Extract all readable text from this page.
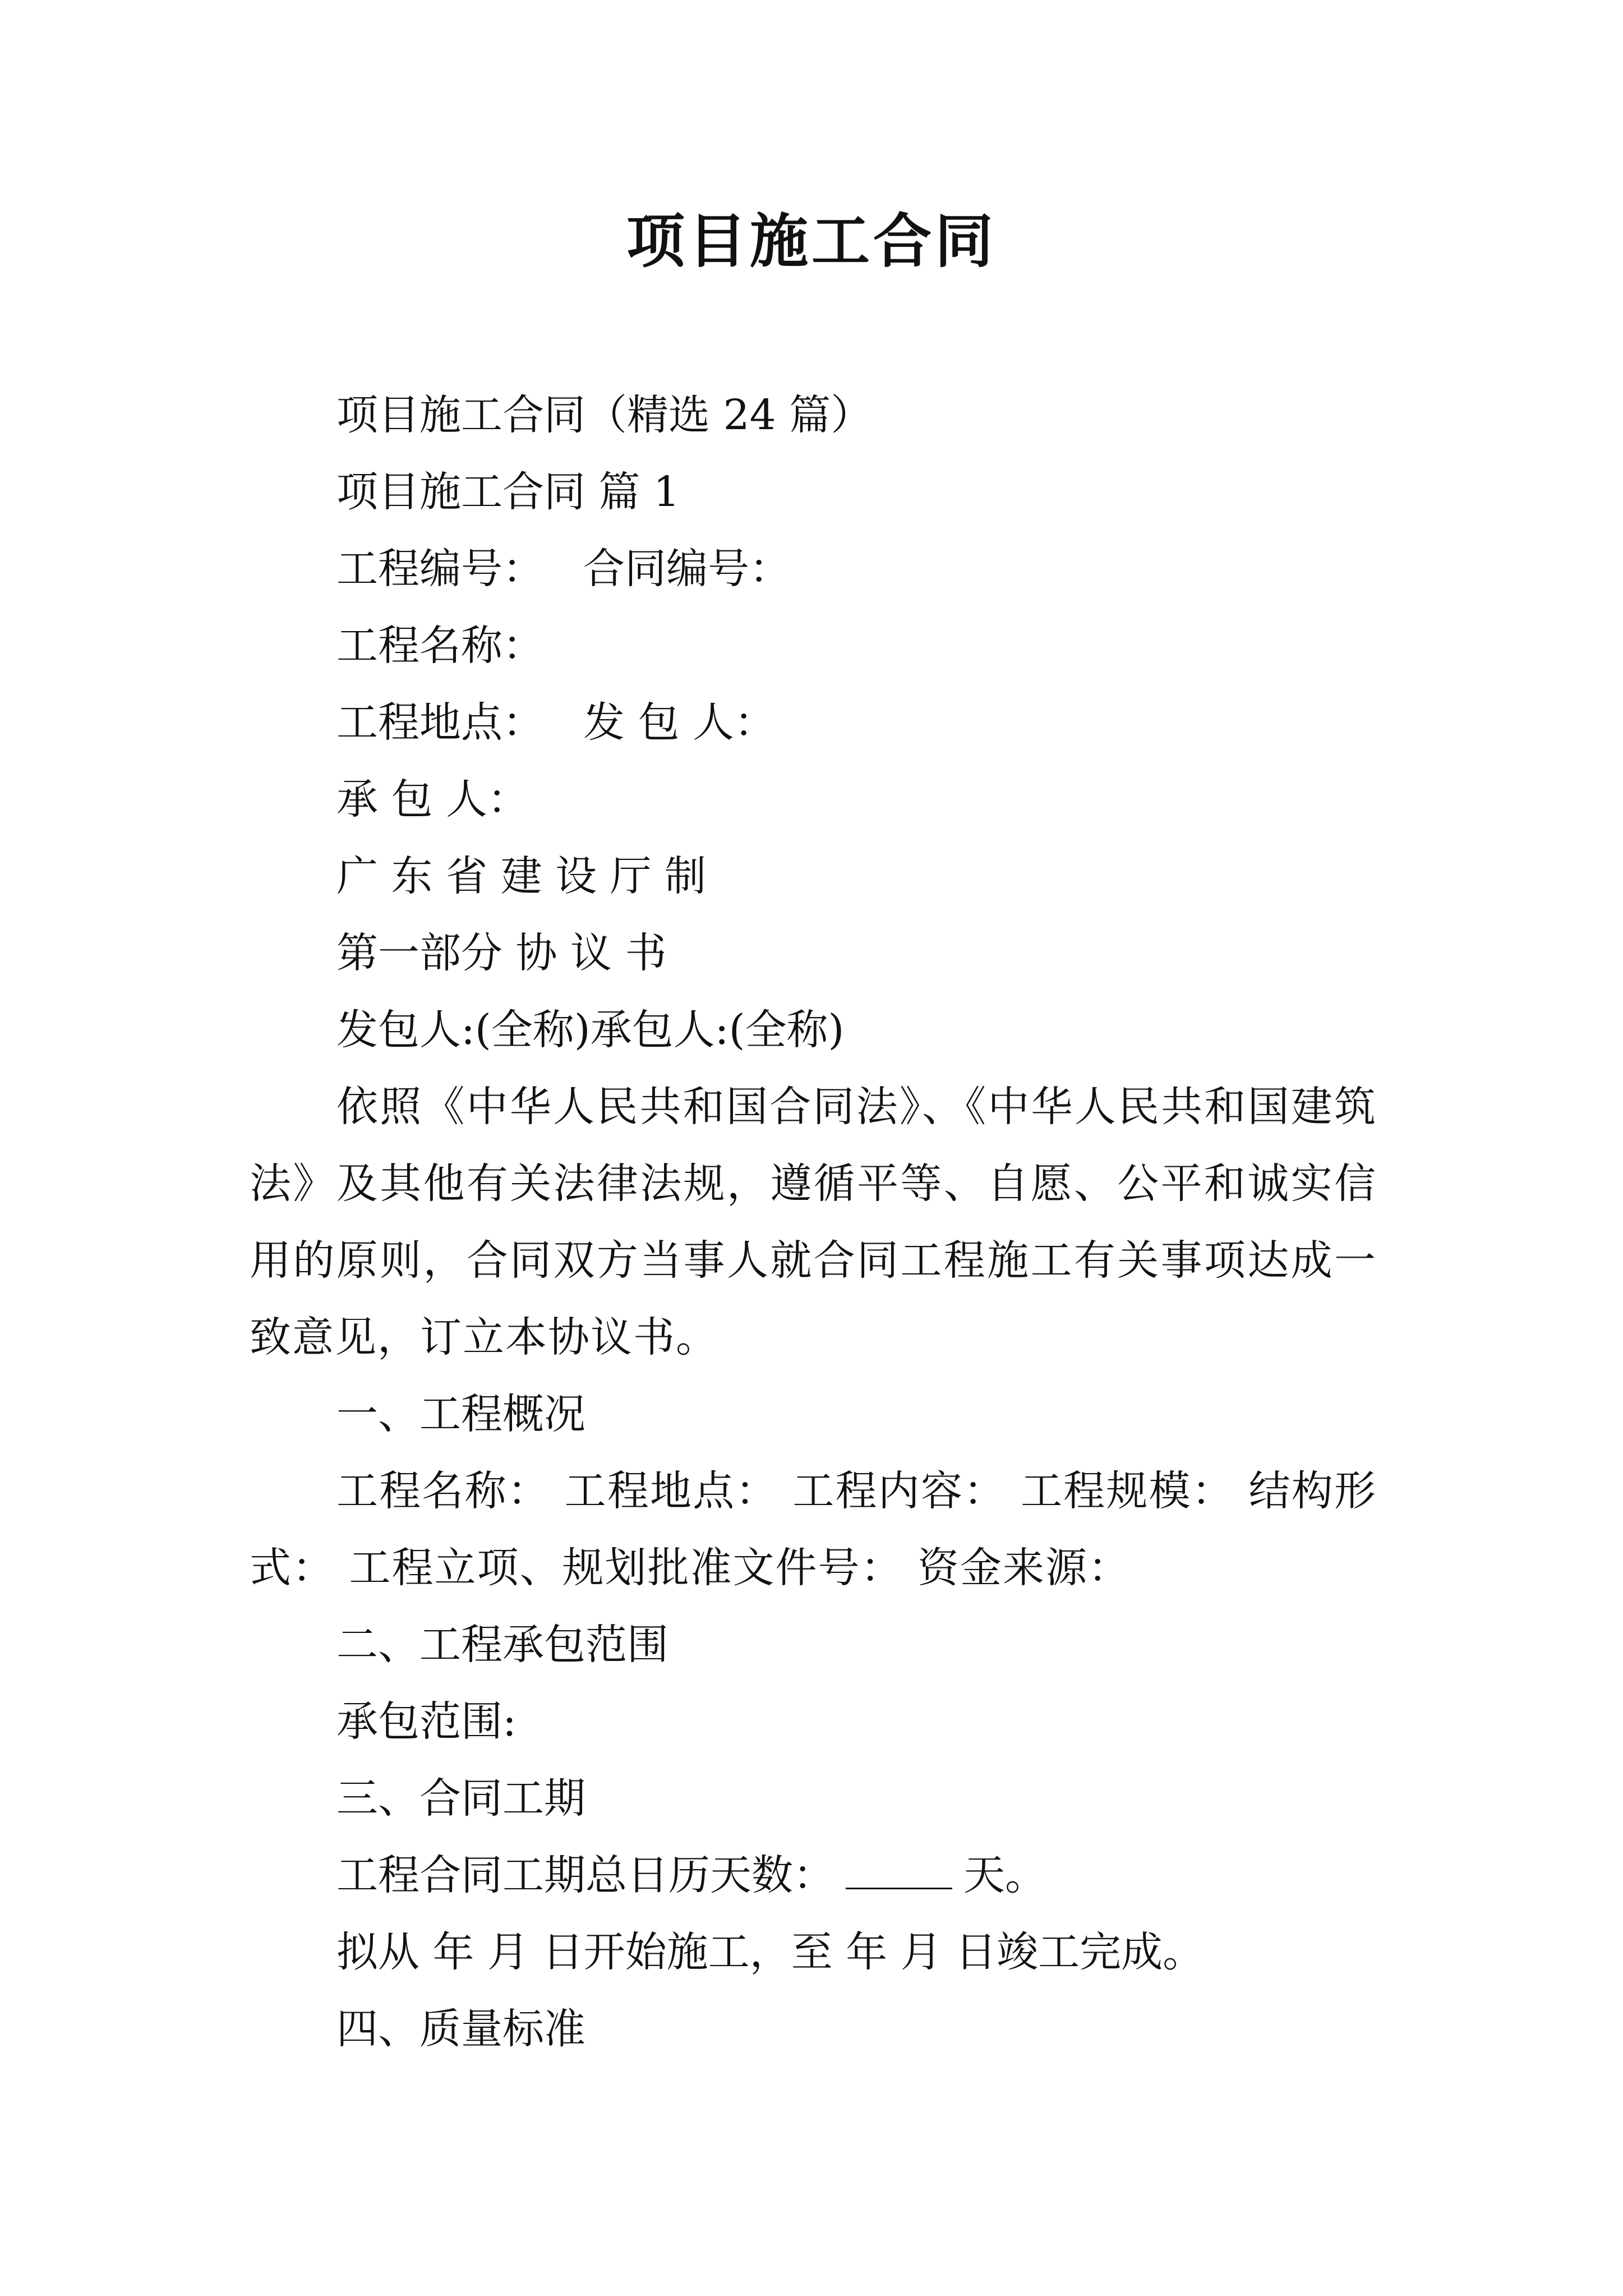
项目施工合同
项目施工合同（精选 24 篇）
项目施工合同 篇 1
工程编号： 合同编号：
工程名称：
工程地点： 发 包 人：
承 包 人：
广 东 省 建 设 厅 制
第一部分 协 议 书
发包人:(全称)承包人:(全称)
依照《中华人民共和国合同法》、《中华人民共和国建筑法》及其他有关法律法规，遵循平等、自愿、公平和诚实信用的原则，合同双方当事人就合同工程施工有关事项达成一致意见，订立本协议书。
一、工程概况
工程名称： 工程地点： 工程内容： 工程规模： 结构形式： 工程立项、规划批准文件号： 资金来源：
二、工程承包范围
承包范围:
三、合同工期
工程合同工期总日历天数：	天。
拟从 年 月 日开始施工，至 年 月 日竣工完成。
四、质量标准
